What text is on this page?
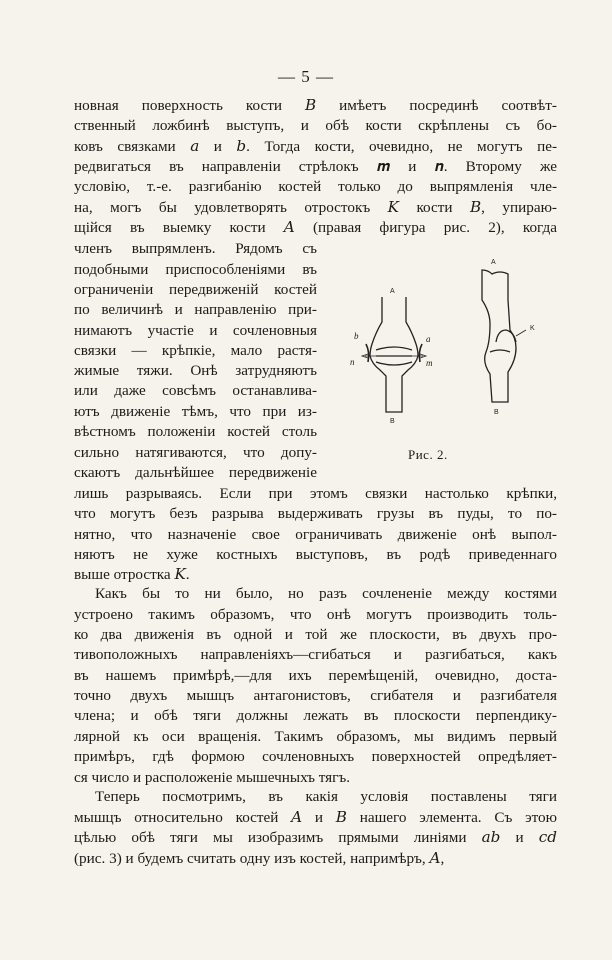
— 5 —
новная поверхность кости 𝐵 имѣетъ посрединѣ соотвѣт-
ственный ложбинѣ выступъ, и обѣ кости скрѣплены съ бо-
ковъ связками 𝑎 и 𝑏. Тогда кости, очевидно, не могутъ пе-
редвигаться въ направленіи стрѣлокъ 𝒎 и 𝒏. Второму же
условію, т.-е. разгибанію костей только до выпрямленія чле-
на, могъ бы удовлетворять отростокъ 𝐾 кости 𝐵, упираю-
щійся въ выемку кости 𝐴 (правая фигура рис. 2), когда
членъ выпрямленъ. Рядомъ съ
подобными приспособленіями въ
ограниченіи передвиженій костей
по величинѣ и направленію при-
нимаютъ участіе и сочленовныя
связки — крѣпкіе, мало растя-
жимые тяжи. Онѣ затрудняютъ
или даже совсѣмъ останавлива-
ютъ движеніе тѣмъ, что при из-
вѣстномъ положеніи костей столь
сильно натягиваются, что допу-
скаютъ дальнѣйшее передвиженіе
лишь разрываясь. Если при этомъ связки настолько крѣпки,
что могутъ безъ разрыва выдерживать грузы въ пуды, то по-
нятно, что назначеніе свое ограничивать движеніе онѣ выпол-
няютъ не хуже костныхъ выступовъ, въ родѣ приведеннаго
выше отростка 𝐾.
Какъ бы то ни было, но разъ сочлененіе между костями
устроено такимъ образомъ, что онѣ могутъ производить толь-
ко два движенія въ одной и той же плоскости, въ двухъ про-
тивоположныхъ направленіяхъ—сгибаться и разгибаться, какъ
въ нашемъ примѣрѣ,—для ихъ перемѣщеній, очевидно, доста-
точно двухъ мышцъ антагонистовъ, сгибателя и разгибателя
члена; и обѣ тяги должны лежать въ плоскости перпендику-
лярной къ оси вращенія. Такимъ образомъ, мы видимъ первый
примѣръ, гдѣ формою сочленовныхъ поверхностей опредѣляет-
ся число и расположеніе мышечныхъ тягъ.
Теперь посмотримъ, въ какія условія поставлены тяги
мышцъ относительно костей 𝐴 и 𝐵 нашего элемента. Съ этою
цѣлью обѣ тяги мы изобразимъ прямыми линіями 𝑎𝑏 и 𝑐𝑑
(рис. 3) и будемъ считать одну изъ костей, напримѣръ, 𝐴,
A
B
b	a
n	m
A
K
B
Рис. 2.
